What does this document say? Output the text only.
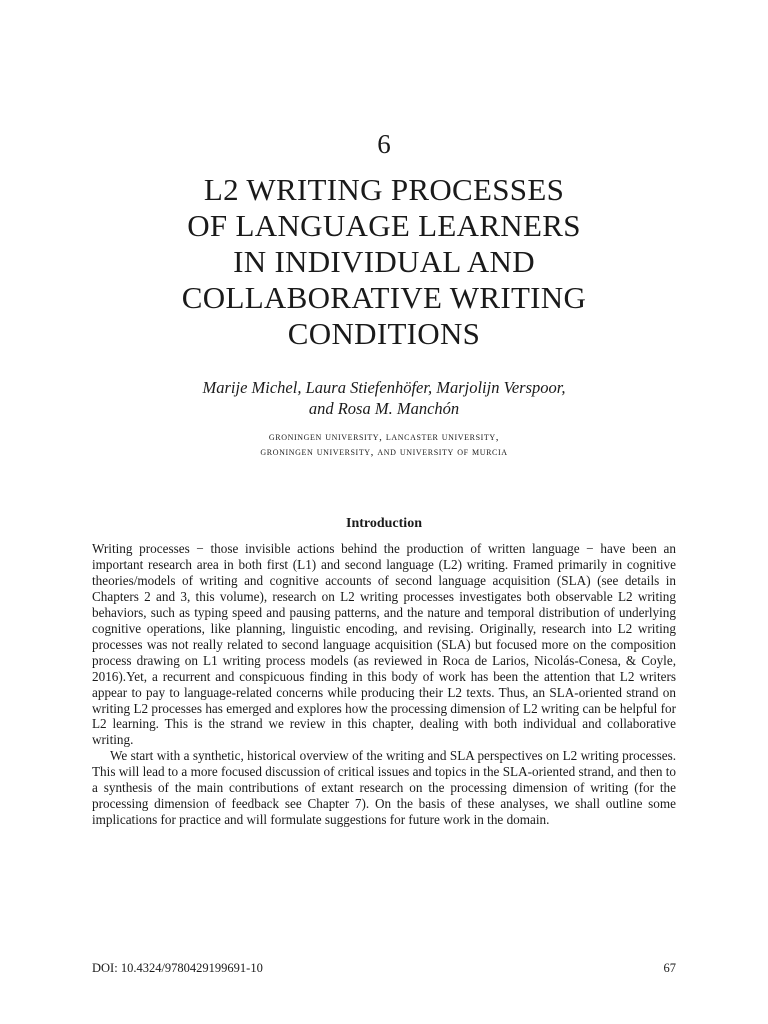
6
L2 WRITING PROCESSES
OF LANGUAGE LEARNERS
IN INDIVIDUAL AND
COLLABORATIVE WRITING
CONDITIONS
Marije Michel, Laura Stiefenhöfer, Marjolijn Verspoor,
and Rosa M. Manchón
groningen university, lancaster university,
groningen university, and university of murcia
Introduction

Writing processes − those invisible actions behind the production of written language − have been an important research area in both first (L1) and second language (L2) writing. Framed primarily in cognitive theories/models of writing and cognitive accounts of second language acquisition (SLA) (see details in Chapters 2 and 3, this volume), research on L2 writing processes investigates both observable L2 writing behaviors, such as typing speed and pausing patterns, and the nature and temporal distribution of underlying cognitive operations, like planning, linguistic encoding, and revising. Originally, research into L2 writing processes was not really related to second language acquisition (SLA) but focused more on the composition process drawing on L1 writing process models (as reviewed in Roca de Larios, Nicolás-Conesa, & Coyle, 2016).Yet, a recurrent and conspicuous finding in this body of work has been the attention that L2 writers appear to pay to language-related concerns while producing their L2 texts. Thus, an SLA-oriented strand on writing L2 processes has emerged and explores how the processing dimension of L2 writing can be helpful for L2 learning. This is the strand we review in this chapter, dealing with both individual and collaborative writing.

We start with a synthetic, historical overview of the writing and SLA perspectives on L2 writing processes. This will lead to a more focused discussion of critical issues and topics in the SLA-oriented strand, and then to a synthesis of the main contributions of extant research on the processing dimension of writing (for the processing dimension of feedback see Chapter 7). On the basis of these analyses, we shall outline some implications for practice and will formulate suggestions for future work in the domain.

DOI: 10.4324/9780429199691-10	67
